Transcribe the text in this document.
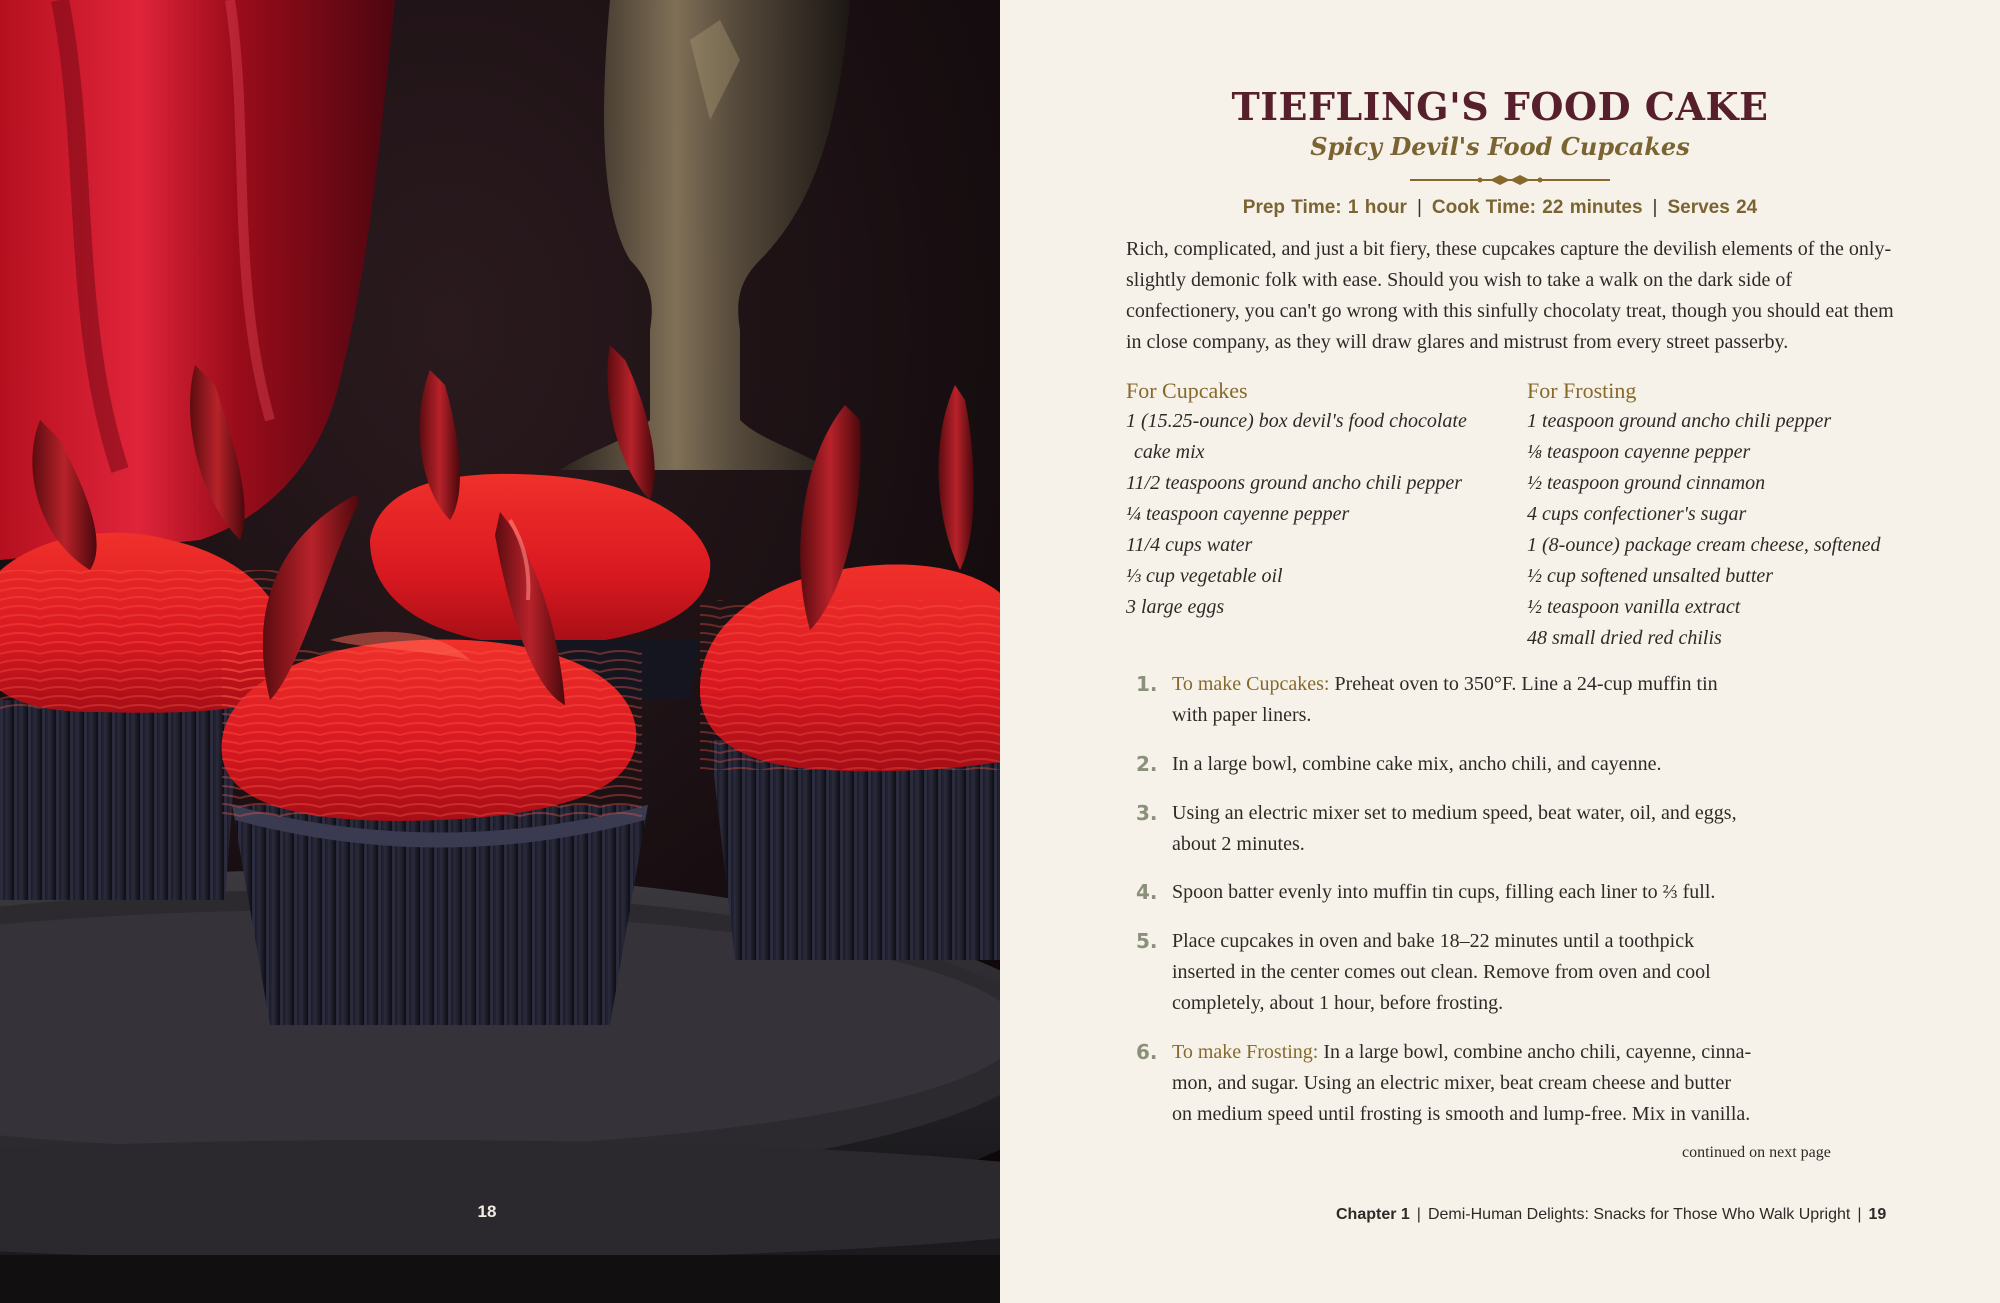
18
TIEFLING'S FOOD CAKE
Spicy Devil's Food Cupcakes
Prep Time: 1 hour | Cook Time: 22 minutes | Serves 24
Rich, complicated, and just a bit fiery, these cupcakes capture the devilish elements of the only-slightly demonic folk with ease. Should you wish to take a walk on the dark side of confectionery, you can't go wrong with this sinfully chocolaty treat, though you should eat them in close company, as they will draw glares and mistrust from every street passerby.
For Cupcakes
1 (15.25-ounce) box devil's food chocolate
cake mix
11/2 teaspoons ground ancho chili pepper
¼ teaspoon cayenne pepper
11/4 cups water
⅓ cup vegetable oil
3 large eggs
For Frosting
1 teaspoon ground ancho chili pepper
⅛ teaspoon cayenne pepper
½ teaspoon ground cinnamon
4 cups confectioner's sugar
1 (8-ounce) package cream cheese, softened
½ cup softened unsalted butter
½ teaspoon vanilla extract
48 small dried red chilis
1. To make Cupcakes: Preheat oven to 350°F. Line a 24-cup muffin tin
with paper liners.
2. In a large bowl, combine cake mix, ancho chili, and cayenne.
3. Using an electric mixer set to medium speed, beat water, oil, and eggs,
about 2 minutes.
4. Spoon batter evenly into muffin tin cups, filling each liner to ⅔ full.
5. Place cupcakes in oven and bake 18–22 minutes until a toothpick
inserted in the center comes out clean. Remove from oven and cool
completely, about 1 hour, before frosting.
6. To make Frosting: In a large bowl, combine ancho chili, cayenne, cinna-
mon, and sugar. Using an electric mixer, beat cream cheese and butter
on medium speed until frosting is smooth and lump-free. Mix in vanilla.
continued on next page
Chapter 1 | Demi-Human Delights: Snacks for Those Who Walk Upright | 19
